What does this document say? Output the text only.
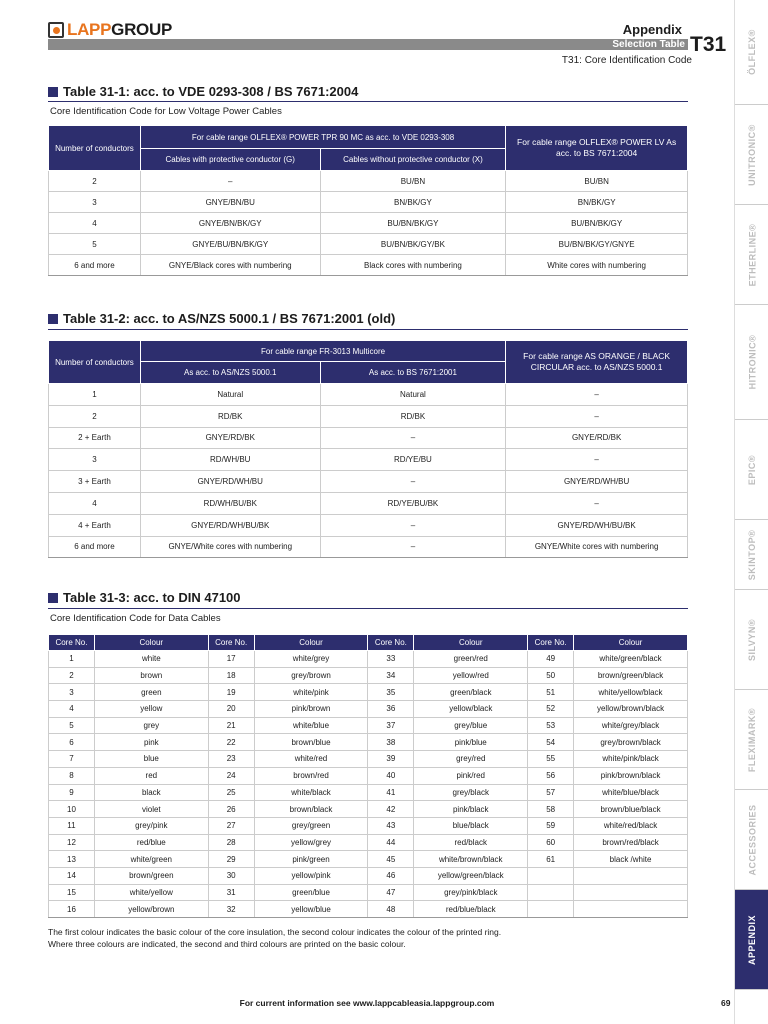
LAPPGROUP	Appendix
Selection Table T31
T31: Core Identification Code	ÖLFLEX®
UNITRONIC®
ETHERLINE®
HITRONIC®
EPIC®
SKINTOP®
SILVYN®
FLEXIMARK®
ACCESSORIES
APPENDIX
Table 31-1: acc. to VDE 0293-308 / BS 7671:2004
Core Identification Code for Low Voltage Power Cables
Number of conductors	For cable range OLFLEX® POWER TPR 90 MC as acc. to VDE 0293-308		For cable range OLFLEX® POWER LV As acc. to BS 7671:2004
	Cables with protective conductor (G)	Cables without protective conductor (X)	
2	–	BU/BN	BU/BN
3	GNYE/BN/BU	BN/BK/GY	BN/BK/GY
4	GNYE/BN/BK/GY	BU/BN/BK/GY	BU/BN/BK/GY
5	GNYE/BU/BN/BK/GY	BU/BN/BK/GY/BK	BU/BN/BK/GY/GNYE
6 and more	GNYE/Black cores with numbering	Black cores with numbering	White cores with numbering
Table 31-2: acc. to AS/NZS 5000.1 / BS 7671:2001 (old)
Number of conductors	For cable range FR-3013 Multicore		For cable range AS ORANGE / BLACK CIRCULAR acc. to AS/NZS 5000.1
	As acc. to AS/NZS 5000.1	As acc. to BS 7671:2001	
1	Natural	Natural	–
2	RD/BK	RD/BK	–
2 + Earth	GNYE/RD/BK	–	GNYE/RD/BK
3	RD/WH/BU	RD/YE/BU	–
3 + Earth	GNYE/RD/WH/BU	–	GNYE/RD/WH/BU
4	RD/WH/BU/BK	RD/YE/BU/BK	–
4 + Earth	GNYE/RD/WH/BU/BK	–	GNYE/RD/WH/BU/BK
6 and more	GNYE/White cores with numbering	–	GNYE/White cores with numbering
Table 31-3: acc. to DIN 47100
Core Identification Code for Data Cables
Core No.	Colour	Core No.	Colour	Core No.	Colour	Core No.	Colour
1	white	17	white/grey	33	green/red	49	white/green/black
2	brown	18	grey/brown	34	yellow/red	50	brown/green/black
3	green	19	white/pink	35	green/black	51	white/yellow/black
4	yellow	20	pink/brown	36	yellow/black	52	yellow/brown/black
5	grey	21	white/blue	37	grey/blue	53	white/grey/black
6	pink	22	brown/blue	38	pink/blue	54	grey/brown/black
7	blue	23	white/red	39	grey/red	55	white/pink/black
8	red	24	brown/red	40	pink/red	56	pink/brown/black
9	black	25	white/black	41	grey/black	57	white/blue/black
10	violet	26	brown/black	42	pink/black	58	brown/blue/black
11	grey/pink	27	grey/green	43	blue/black	59	white/red/black
12	red/blue	28	yellow/grey	44	red/black	60	brown/red/black
13	white/green	29	pink/green	45	white/brown/black	61	black /white
14	brown/green	30	yellow/pink	46	yellow/green/black		
15	white/yellow	31	green/blue	47	grey/pink/black		
16	yellow/brown	32	yellow/blue	48	red/blue/black		
The first colour indicates the basic colour of the core insulation, the second colour indicates the colour of the printed ring.
Where three colours are indicated, the second and third colours are printed on the basic colour.
For current information see www.lappcableasia.lappgroup.com	69
